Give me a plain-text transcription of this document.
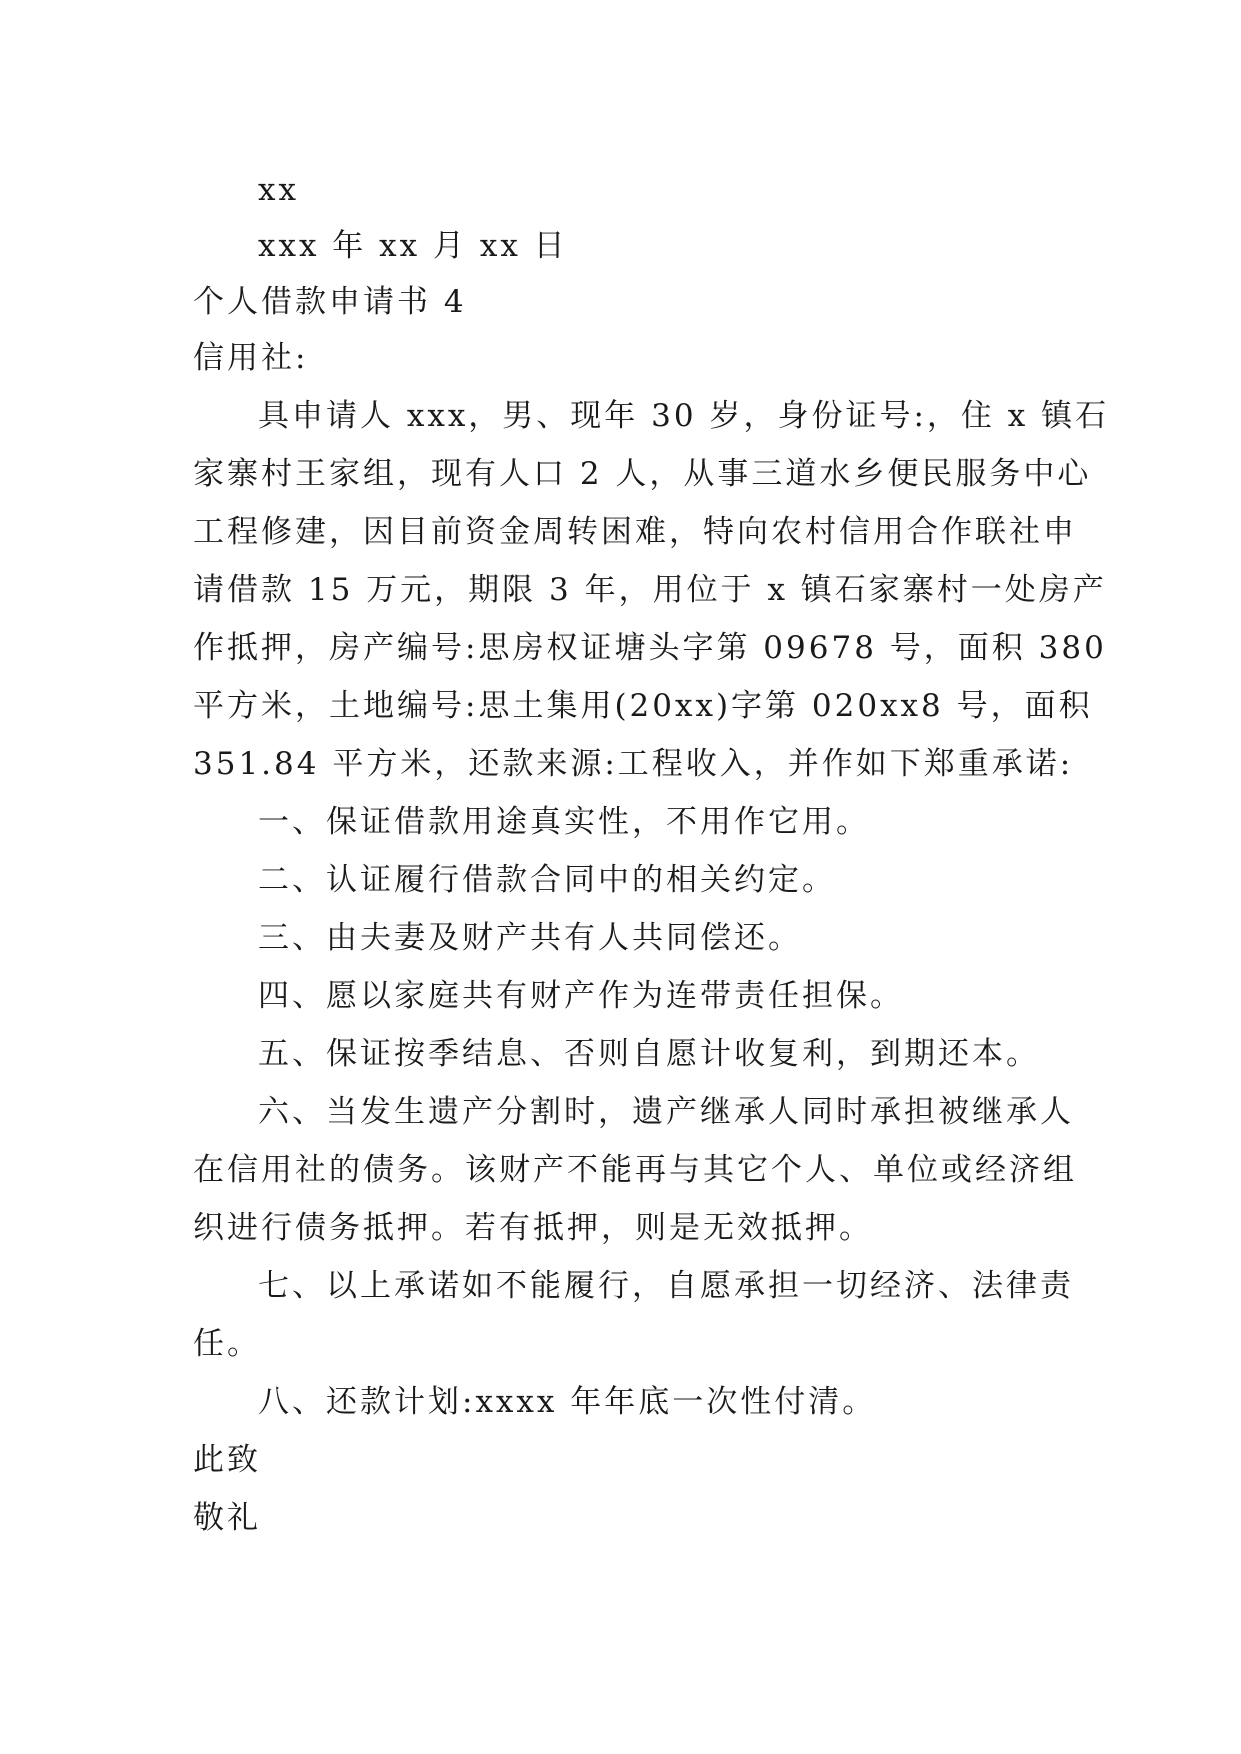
xx
xxx 年 xx 月 xx 日
个人借款申请书 4
信用社:
具申请人 xxx，男、现年 30 岁，身份证号:，住 x 镇石
家寨村王家组，现有人口 2 人，从事三道水乡便民服务中心
工程修建，因目前资金周转困难，特向农村信用合作联社申
请借款 15 万元，期限 3 年，用位于 x 镇石家寨村一处房产
作抵押，房产编号:思房权证塘头字第 09678 号，面积 380
平方米，土地编号:思土集用(20xx)字第 020xx8 号，面积
351.84 平方米，还款来源:工程收入，并作如下郑重承诺:
一、保证借款用途真实性，不用作它用。
二、认证履行借款合同中的相关约定。
三、由夫妻及财产共有人共同偿还。
四、愿以家庭共有财产作为连带责任担保。
五、保证按季结息、否则自愿计收复利，到期还本。
六、当发生遗产分割时，遗产继承人同时承担被继承人
在信用社的债务。该财产不能再与其它个人、单位或经济组
织进行债务抵押。若有抵押，则是无效抵押。
七、以上承诺如不能履行，自愿承担一切经济、法律责
任。
八、还款计划:xxxx 年年底一次性付清。
此致
敬礼
